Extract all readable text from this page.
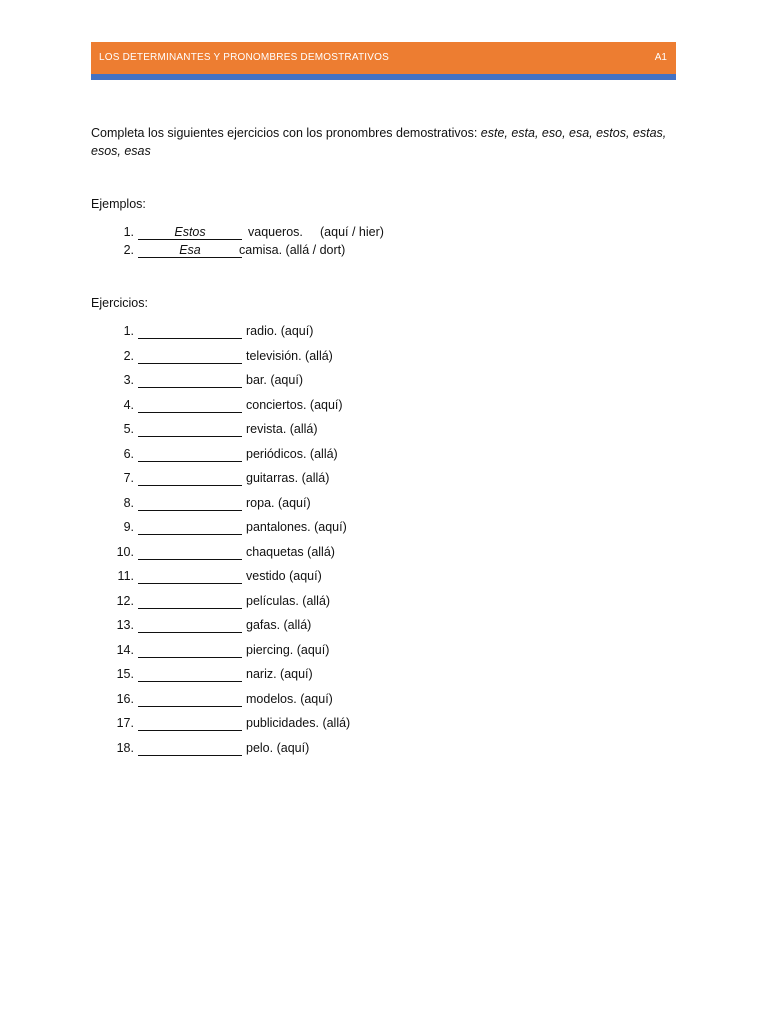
LOS DETERMINANTES Y PRONOMBRES DEMOSTRATIVOS	A1
Completa los siguientes ejercicios con los pronombres demostrativos: este, esta, eso, esa, estos, estas, esos, esas
Ejemplos:
1.	Estos	vaqueros. (aquí / hier)
2.	Esa	camisa. (allá / dort)
Ejercicios:
1.	radio. (aquí)
2.	televisión. (allá)
3.	bar. (aquí)
4.	conciertos. (aquí)
5.	revista. (allá)
6.	periódicos. (allá)
7.	guitarras. (allá)
8.	ropa. (aquí)
9.	pantalones. (aquí)
10.	chaquetas (allá)
11.	vestido (aquí)
12.	películas. (allá)
13.	gafas. (allá)
14.	piercing. (aquí)
15.	nariz. (aquí)
16.	modelos. (aquí)
17.	publicidades. (allá)
18.	pelo. (aquí)
